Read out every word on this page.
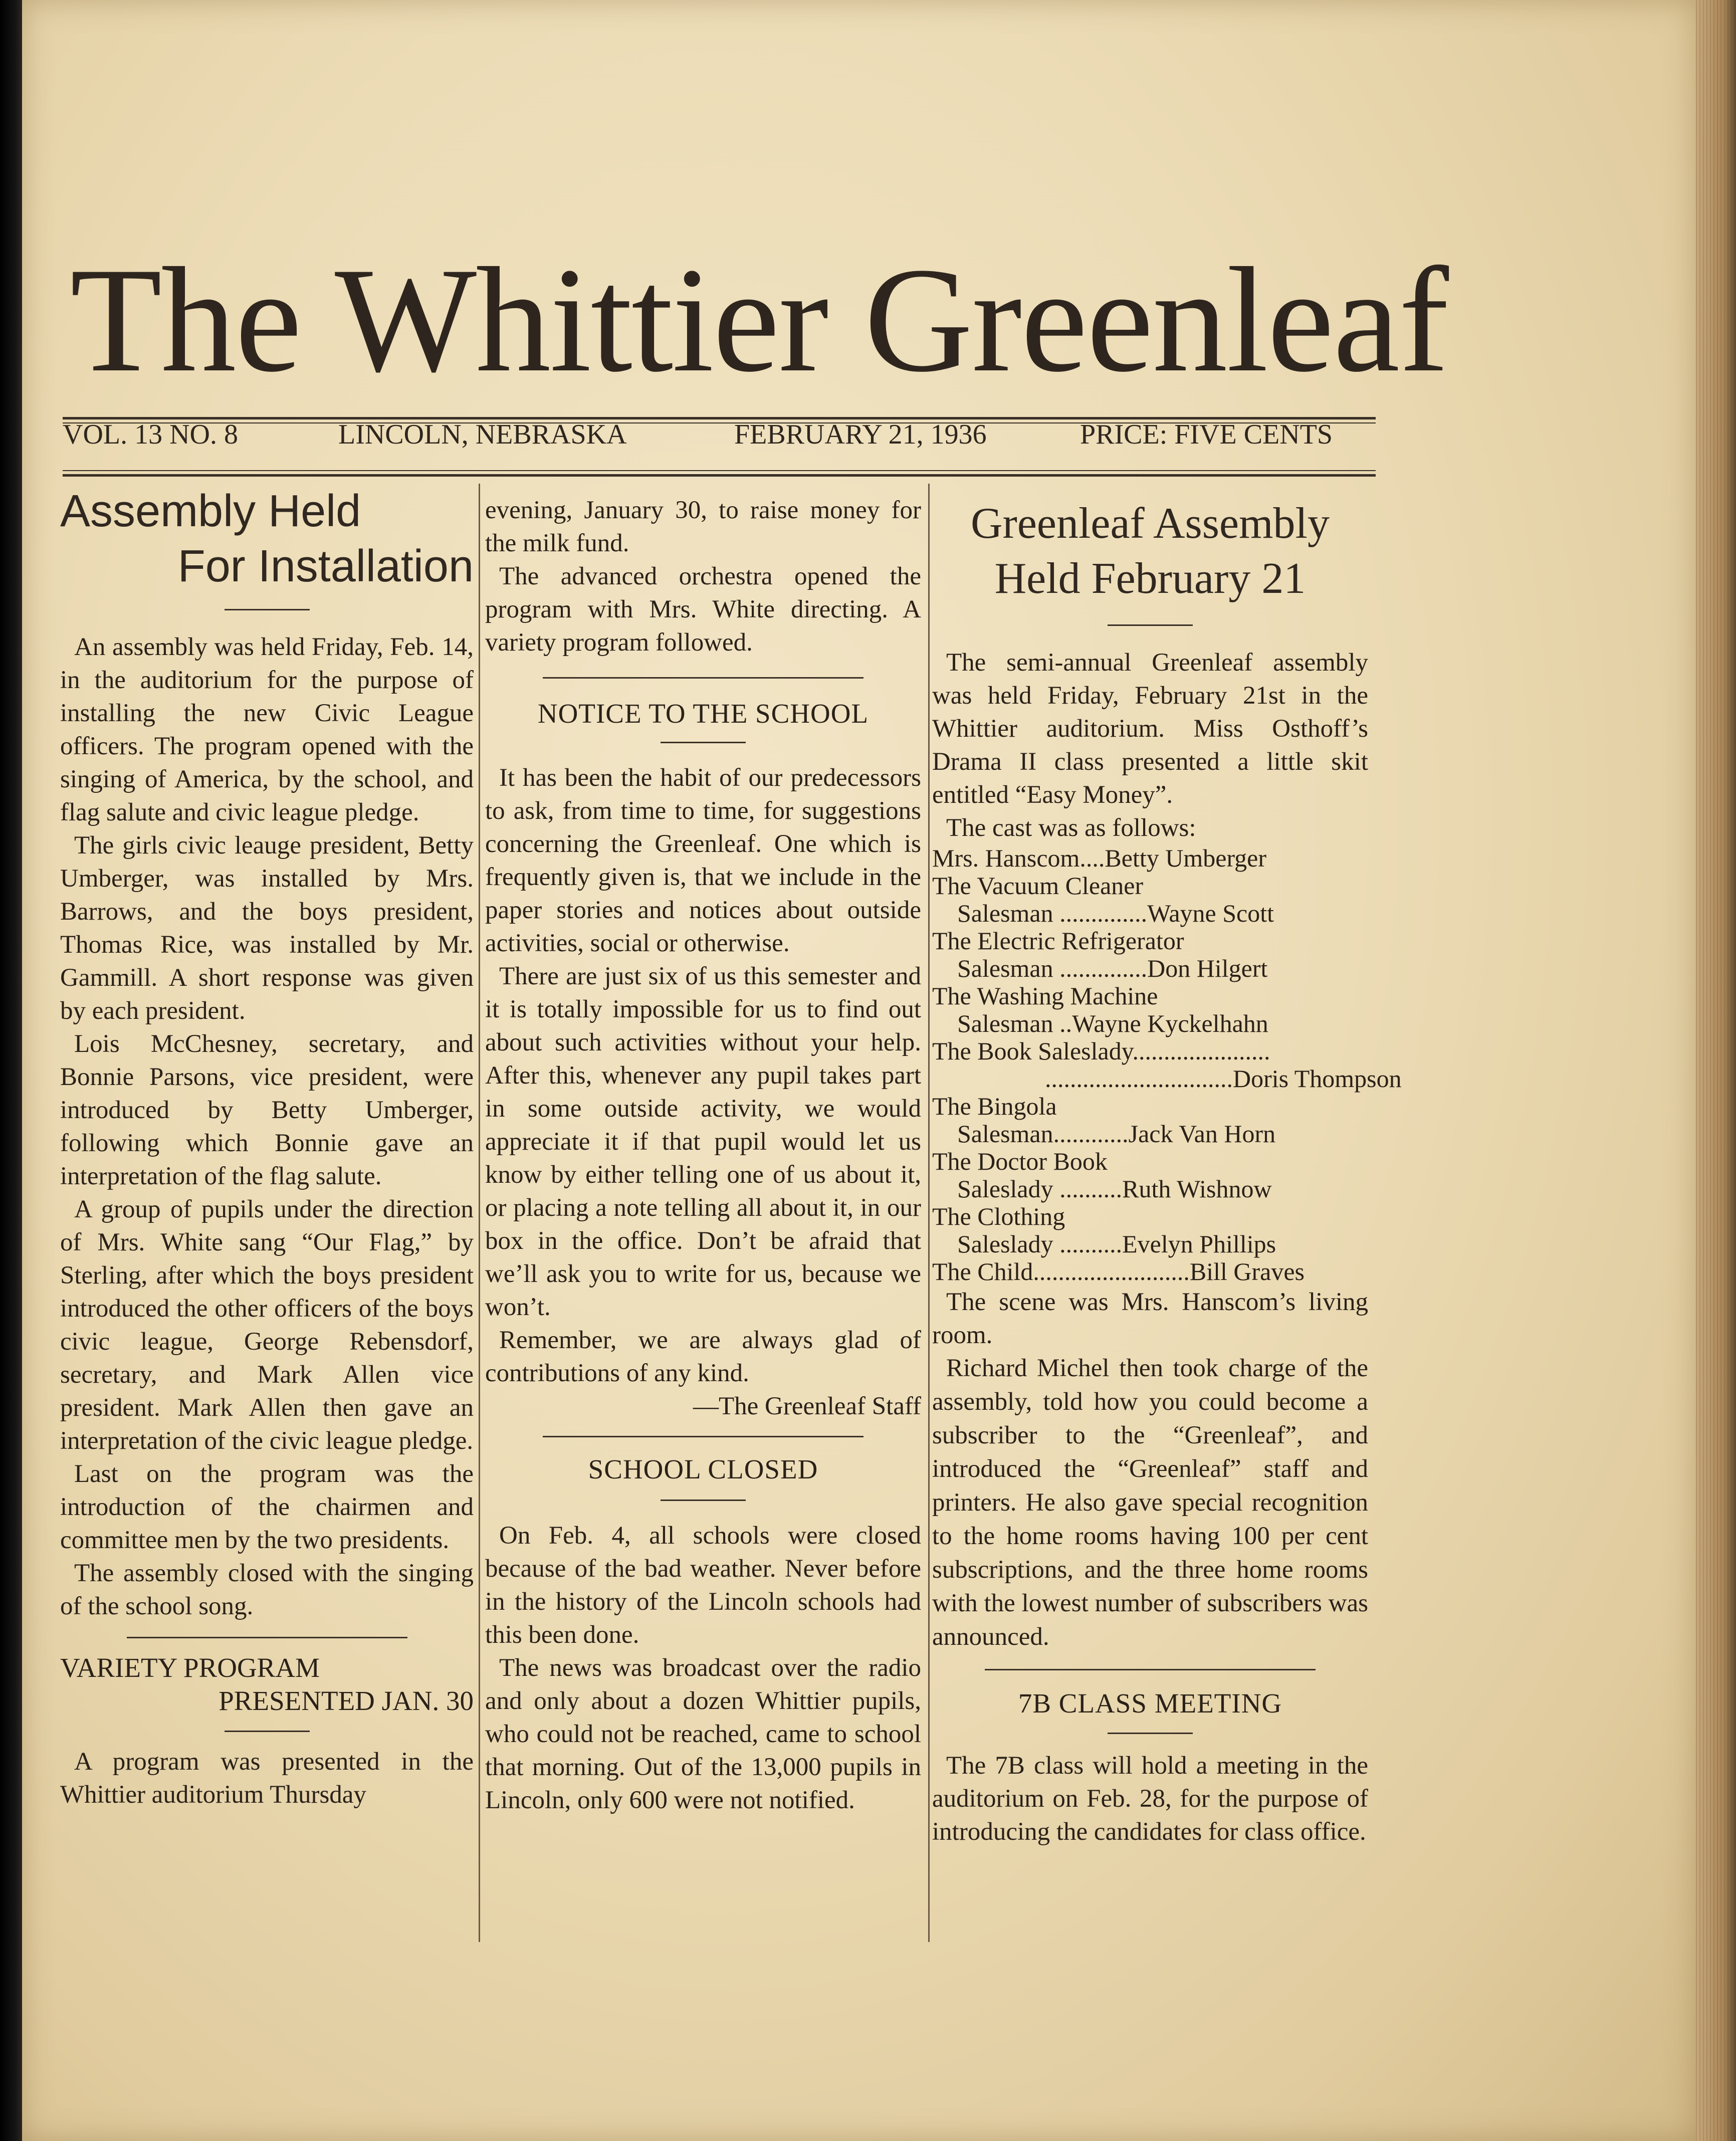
The Whittier Greenleaf
VOL. 13 NO. 8	LINCOLN, NEBRASKA	FEBRUARY 21, 1936	PRICE: FIVE CENTS
Assembly Held
For Installation

An assembly was held Friday, Feb. 14, in the auditorium for the purpose of installing the new Civic League officers. The program opened with the singing of America, by the school, and flag salute and civic league pledge.

The girls civic leauge president, Betty Umberger, was installed by Mrs. Barrows, and the boys president, Thomas Rice, was installed by Mr. Gammill. A short response was given by each president.

Lois McChesney, secretary, and Bonnie Parsons, vice president, were introduced by Betty Umberger, following which Bonnie gave an interpretation of the flag salute.

A group of pupils under the direction of Mrs. White sang “Our Flag,” by Sterling, after which the boys president introduced the other officers of the boys civic league, George Rebensdorf, secretary, and Mark Allen vice president. Mark Allen then gave an interpretation of the civic league pledge.

Last on the program was the introduction of the chairmen and committee men by the two presidents.

The assembly closed with the singing of the school song.

VARIETY PROGRAM
PRESENTED JAN. 30

A program was presented in the Whittier auditorium Thursday

evening, January 30, to raise money for the milk fund.

The advanced orchestra opened the program with Mrs. White directing. A variety program followed.

NOTICE TO THE SCHOOL

It has been the habit of our predecessors to ask, from time to time, for suggestions concerning the Greenleaf. One which is frequently given is, that we include in the paper stories and notices about outside activities, social or otherwise.

There are just six of us this semester and it is totally impossible for us to find out about such activities without your help. After this, whenever any pupil takes part in some outside activity, we would appreciate it if that pupil would let us know by either telling one of us about it, or placing a note telling all about it, in our box in the office. Don’t be afraid that we’ll ask you to write for us, because we won’t.

Remember, we are always glad of contributions of any kind.

—The Greenleaf Staff
SCHOOL CLOSED

On Feb. 4, all schools were closed because of the bad weather. Never before in the history of the Lincoln schools had this been done.

The news was broadcast over the radio and only about a dozen Whittier pupils, who could not be reached, came to school that morning. Out of the 13,000 pupils in Lincoln, only 600 were not notified.

Greenleaf Assembly
Held February 21

The semi-annual Greenleaf assembly was held Friday, February 21st in the Whittier auditorium. Miss Osthoff’s Drama II class presented a little skit entitled “Easy Money”.

The cast was as follows:

Mrs. Hanscom....Betty Umberger
The Vacuum Cleaner
Salesman ..............Wayne Scott
The Electric Refrigerator
Salesman ..............Don Hilgert
The Washing Machine
Salesman ..Wayne Kyckelhahn
The Book Saleslady......................
..............................Doris Thompson
The Bingola
Salesman............Jack Van Horn
The Doctor Book
Saleslady ..........Ruth Wishnow
The Clothing
Saleslady ..........Evelyn Phillips
The Child.........................Bill Graves

The scene was Mrs. Hanscom’s living room.

Richard Michel then took charge of the assembly, told how you could become a subscriber to the “Greenleaf”, and introduced the “Greenleaf” staff and printers. He also gave special recognition to the home rooms having 100 per cent subscriptions, and the three home rooms with the lowest number of subscribers was announced.

7B CLASS MEETING

The 7B class will hold a meeting in the auditorium on Feb. 28, for the purpose of introducing the candidates for class office.
